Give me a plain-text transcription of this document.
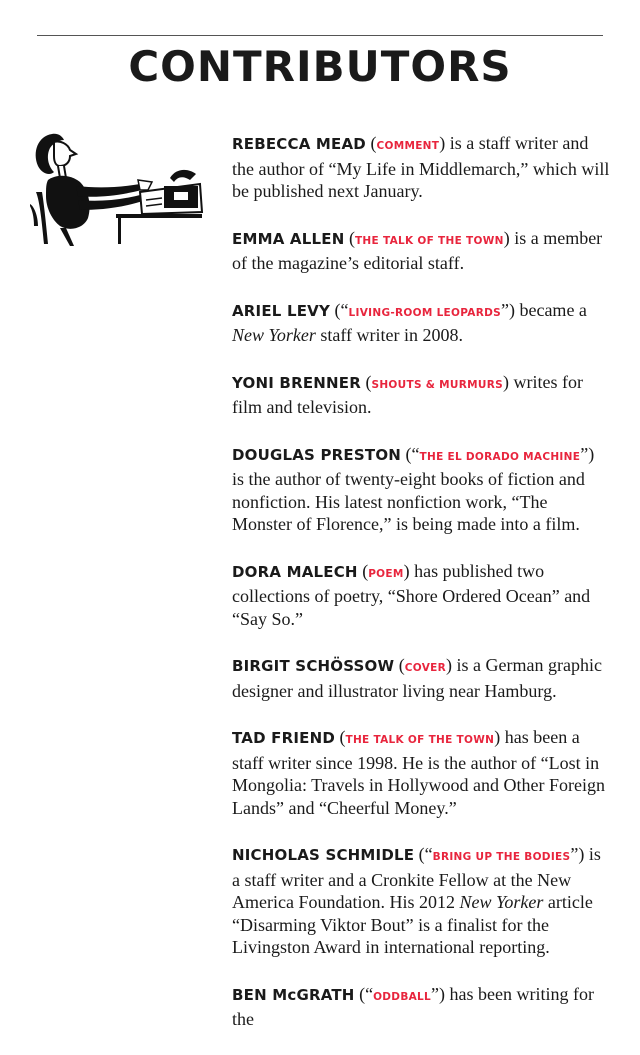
CONTRIBUTORS
REBECCA MEAD (COMMENT) is a staff writer and the author of “My Life in Middlemarch,” which will be published next January.
EMMA ALLEN (THE TALK OF THE TOWN) is a member of the magazine’s editorial staff.
ARIEL LEVY (“LIVING-ROOM LEOPARDS”) became a New Yorker staff writer in 2008.
YONI BRENNER (SHOUTS & MURMURS) writes for film and television.
DOUGLAS PRESTON (“THE EL DORADO MACHINE”) is the author of twenty-eight books of fiction and nonfiction. His latest nonfiction work, “The Monster of Florence,” is being made into a film.
DORA MALECH (POEM) has published two collections of poetry, “Shore Ordered Ocean” and “Say So.”
BIRGIT SCHÖSSOW (COVER) is a German graphic designer and illustrator living near Hamburg.
TAD FRIEND (THE TALK OF THE TOWN) has been a staff writer since 1998. He is the author of “Lost in Mongolia: Travels in Hollywood and Other Foreign Lands” and “Cheerful Money.”
NICHOLAS SCHMIDLE (“BRING UP THE BODIES”) is a staff writer and a Cronkite Fellow at the New America Foundation. His 2012 New Yorker article “Disarming Viktor Bout” is a finalist for the Livingston Award in international reporting.
BEN McGRATH (“ODDBALL”) has been writing for the
